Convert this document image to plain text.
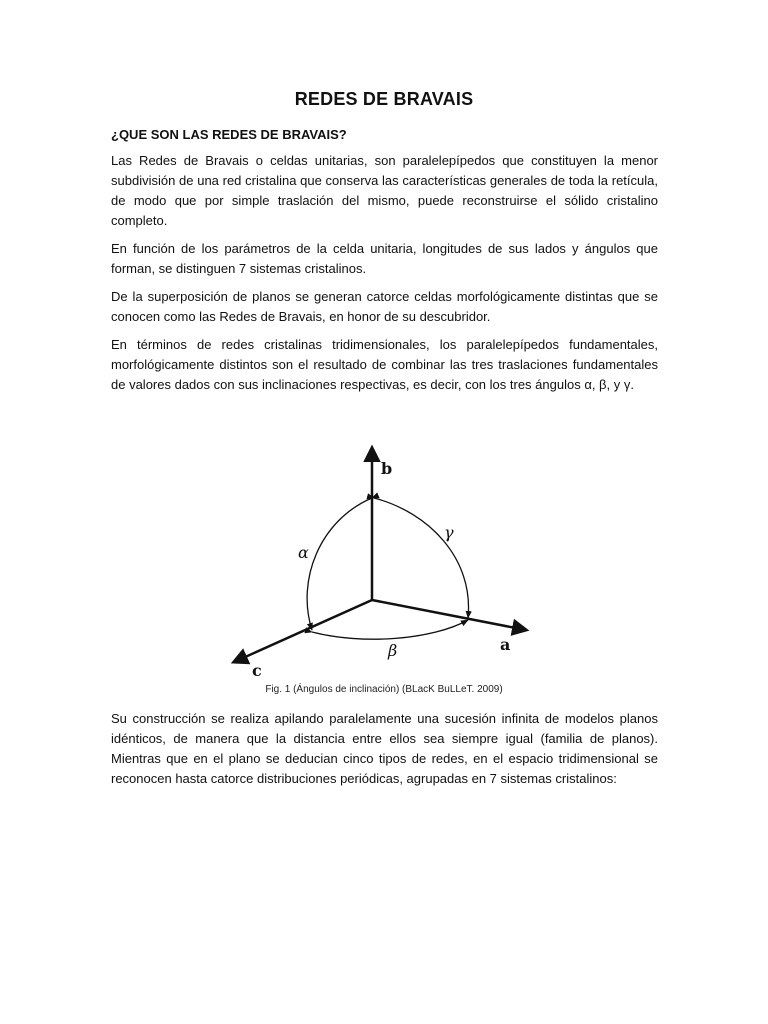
REDES DE BRAVAIS
¿QUE SON LAS REDES DE BRAVAIS?

Las Redes de Bravais o celdas unitarias, son paralelepípedos que constituyen la menor subdivisión de una red cristalina que conserva las características generales de toda la retícula, de modo que por simple traslación del mismo, puede reconstruirse el sólido cristalino completo.

En función de los parámetros de la celda unitaria, longitudes de sus lados y ángulos que forman, se distinguen 7 sistemas cristalinos.

De la superposición de planos se generan catorce celdas morfológicamente distintas que se conocen como las Redes de Bravais, en honor de su descubridor.

En términos de redes cristalinas tridimensionales, los paralelepípedos fundamentales, morfológicamente distintos son el resultado de combinar las tres traslaciones fundamentales de valores dados con sus inclinaciones respectivas, es decir, con los tres ángulos α, β, y γ.

b
a
c
α
γ
β
Fig. 1 (Ángulos de inclinación) (BLacK BuLLeT. 2009)

Su construcción se realiza apilando paralelamente una sucesión infinita de modelos planos idénticos, de manera que la distancia entre ellos sea siempre igual (familia de planos). Mientras que en el plano se deducian cinco tipos de redes, en el espacio tridimensional se reconocen hasta catorce distribuciones periódicas, agrupadas en 7 sistemas cristalinos:
